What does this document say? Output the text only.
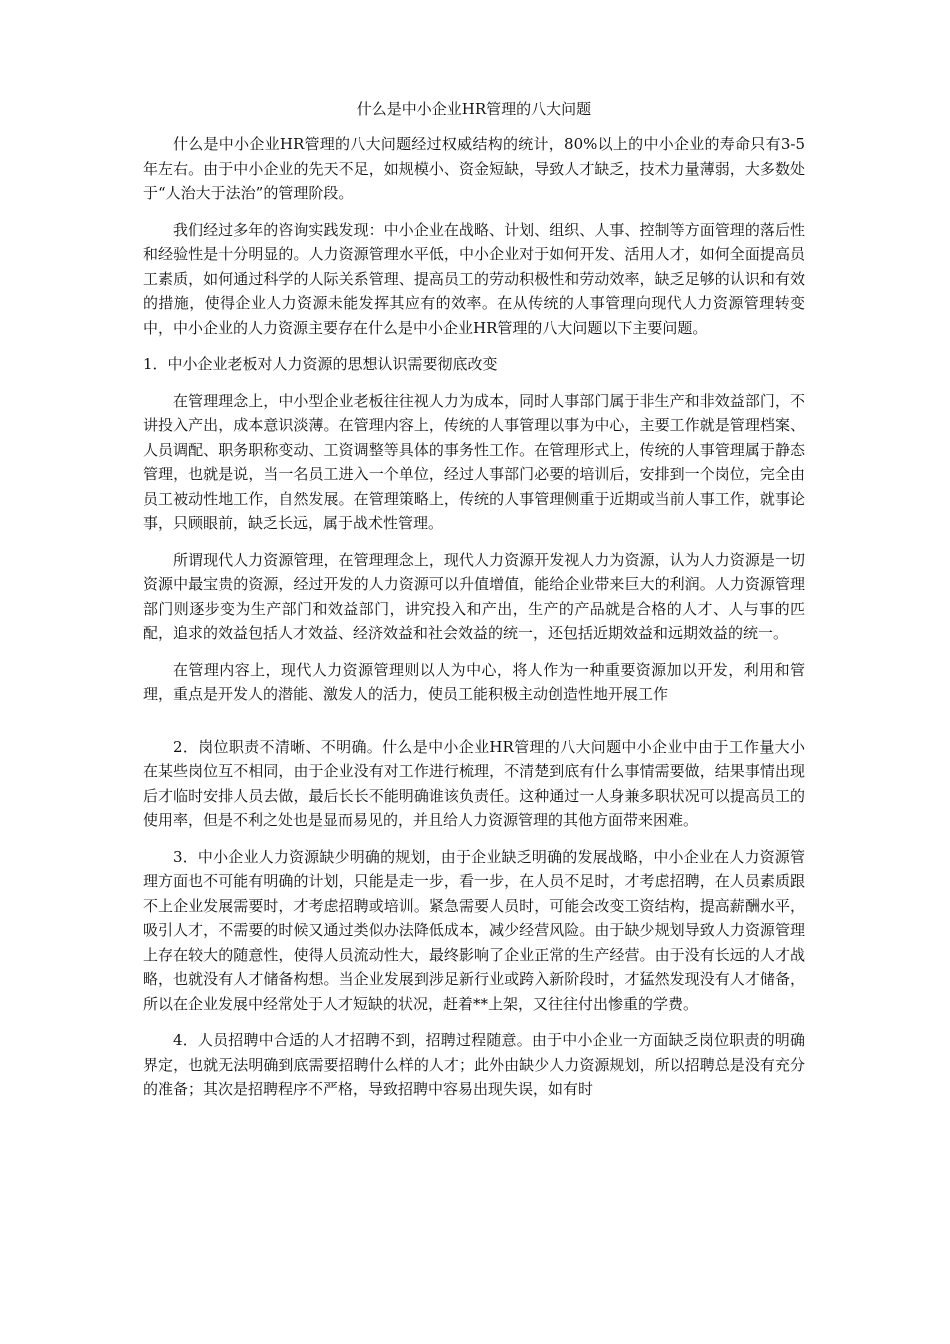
什么是中小企业HR管理的八大问题

什么是中小企业HR管理的八大问题经过权威结构的统计，80%以上的中小企业的寿命只有3-5年左右。由于中小企业的先天不足，如规模小、资金短缺，导致人才缺乏，技术力量薄弱，大多数处于“人治大于法治”的管理阶段。

我们经过多年的咨询实践发现：中小企业在战略、计划、组织、人事、控制等方面管理的落后性和经验性是十分明显的。人力资源管理水平低，中小企业对于如何开发、活用人才，如何全面提高员工素质，如何通过科学的人际关系管理、提高员工的劳动积极性和劳动效率，缺乏足够的认识和有效的措施，使得企业人力资源未能发挥其应有的效率。在从传统的人事管理向现代人力资源管理转变中，中小企业的人力资源主要存在什么是中小企业HR管理的八大问题以下主要问题。

1．中小企业老板对人力资源的思想认识需要彻底改变

在管理理念上，中小型企业老板往往视人力为成本，同时人事部门属于非生产和非效益部门，不讲投入产出，成本意识淡薄。在管理内容上，传统的人事管理以事为中心，主要工作就是管理档案、人员调配、职务职称变动、工资调整等具体的事务性工作。在管理形式上，传统的人事管理属于静态管理，也就是说，当一名员工进入一个单位，经过人事部门必要的培训后，安排到一个岗位，完全由员工被动性地工作，自然发展。在管理策略上，传统的人事管理侧重于近期或当前人事工作，就事论事，只顾眼前，缺乏长远，属于战术性管理。

所谓现代人力资源管理，在管理理念上，现代人力资源开发视人力为资源，认为人力资源是一切资源中最宝贵的资源，经过开发的人力资源可以升值增值，能给企业带来巨大的利润。人力资源管理部门则逐步变为生产部门和效益部门，讲究投入和产出，生产的产品就是合格的人才、人与事的匹配，追求的效益包括人才效益、经济效益和社会效益的统一，还包括近期效益和远期效益的统一。

在管理内容上，现代人力资源管理则以人为中心，将人作为一种重要资源加以开发，利用和管理，重点是开发人的潜能、激发人的活力，使员工能积极主动创造性地开展工作

2．岗位职责不清晰、不明确。什么是中小企业HR管理的八大问题中小企业中由于工作量大小在某些岗位互不相同，由于企业没有对工作进行梳理，不清楚到底有什么事情需要做，结果事情出现后才临时安排人员去做，最后长长不能明确谁该负责任。这种通过一人身兼多职状况可以提高员工的使用率，但是不利之处也是显而易见的，并且给人力资源管理的其他方面带来困难。

3．中小企业人力资源缺少明确的规划，由于企业缺乏明确的发展战略，中小企业在人力资源管理方面也不可能有明确的计划，只能是走一步，看一步，在人员不足时，才考虑招聘，在人员素质跟不上企业发展需要时，才考虑招聘或培训。紧急需要人员时，可能会改变工资结构，提高薪酬水平，吸引人才，不需要的时候又通过类似办法降低成本，减少经营风险。由于缺少规划导致人力资源管理上存在较大的随意性，使得人员流动性大，最终影响了企业正常的生产经营。由于没有长远的人才战略，也就没有人才储备构想。当企业发展到涉足新行业或跨入新阶段时，才猛然发现没有人才储备，所以在企业发展中经常处于人才短缺的状况，赶着**上架，又往往付出惨重的学费。

4．人员招聘中合适的人才招聘不到，招聘过程随意。由于中小企业一方面缺乏岗位职责的明确界定，也就无法明确到底需要招聘什么样的人才；此外由缺少人力资源规划，所以招聘总是没有充分的准备；其次是招聘程序不严格，导致招聘中容易出现失误，如有时
